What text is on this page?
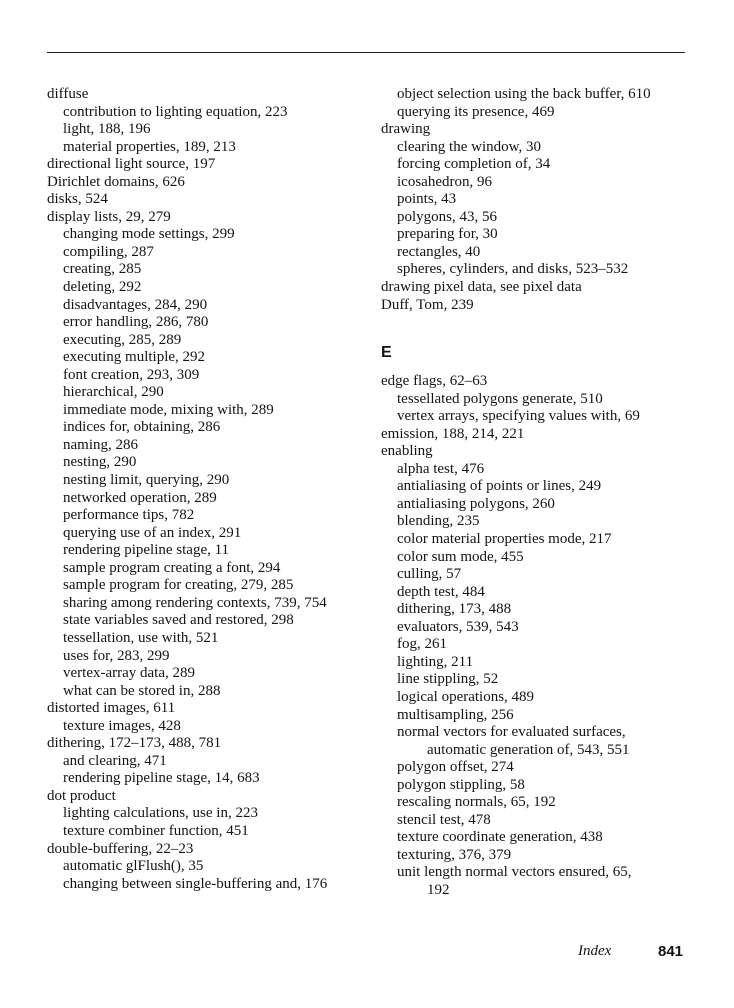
diffuse
contribution to lighting equation, 223
light, 188, 196
material properties, 189, 213
directional light source, 197
Dirichlet domains, 626
disks, 524
display lists, 29, 279
changing mode settings, 299
compiling, 287
creating, 285
deleting, 292
disadvantages, 284, 290
error handling, 286, 780
executing, 285, 289
executing multiple, 292
font creation, 293, 309
hierarchical, 290
immediate mode, mixing with, 289
indices for, obtaining, 286
naming, 286
nesting, 290
nesting limit, querying, 290
networked operation, 289
performance tips, 782
querying use of an index, 291
rendering pipeline stage, 11
sample program creating a font, 294
sample program for creating, 279, 285
sharing among rendering contexts, 739, 754
state variables saved and restored, 298
tessellation, use with, 521
uses for, 283, 299
vertex-array data, 289
what can be stored in, 288
distorted images, 611
texture images, 428
dithering, 172–173, 488, 781
and clearing, 471
rendering pipeline stage, 14, 683
dot product
lighting calculations, use in, 223
texture combiner function, 451
double-buffering, 22–23
automatic glFlush(), 35
changing between single-buffering and, 176
object selection using the back buffer, 610
querying its presence, 469
drawing
clearing the window, 30
forcing completion of, 34
icosahedron, 96
points, 43
polygons, 43, 56
preparing for, 30
rectangles, 40
spheres, cylinders, and disks, 523–532
drawing pixel data, see pixel data
Duff, Tom, 239
E
edge flags, 62–63
tessellated polygons generate, 510
vertex arrays, specifying values with, 69
emission, 188, 214, 221
enabling
alpha test, 476
antialiasing of points or lines, 249
antialiasing polygons, 260
blending, 235
color material properties mode, 217
color sum mode, 455
culling, 57
depth test, 484
dithering, 173, 488
evaluators, 539, 543
fog, 261
lighting, 211
line stippling, 52
logical operations, 489
multisampling, 256
normal vectors for evaluated surfaces,
automatic generation of, 543, 551
polygon offset, 274
polygon stippling, 58
rescaling normals, 65, 192
stencil test, 478
texture coordinate generation, 438
texturing, 376, 379
unit length normal vectors ensured, 65,
192
Index	841
